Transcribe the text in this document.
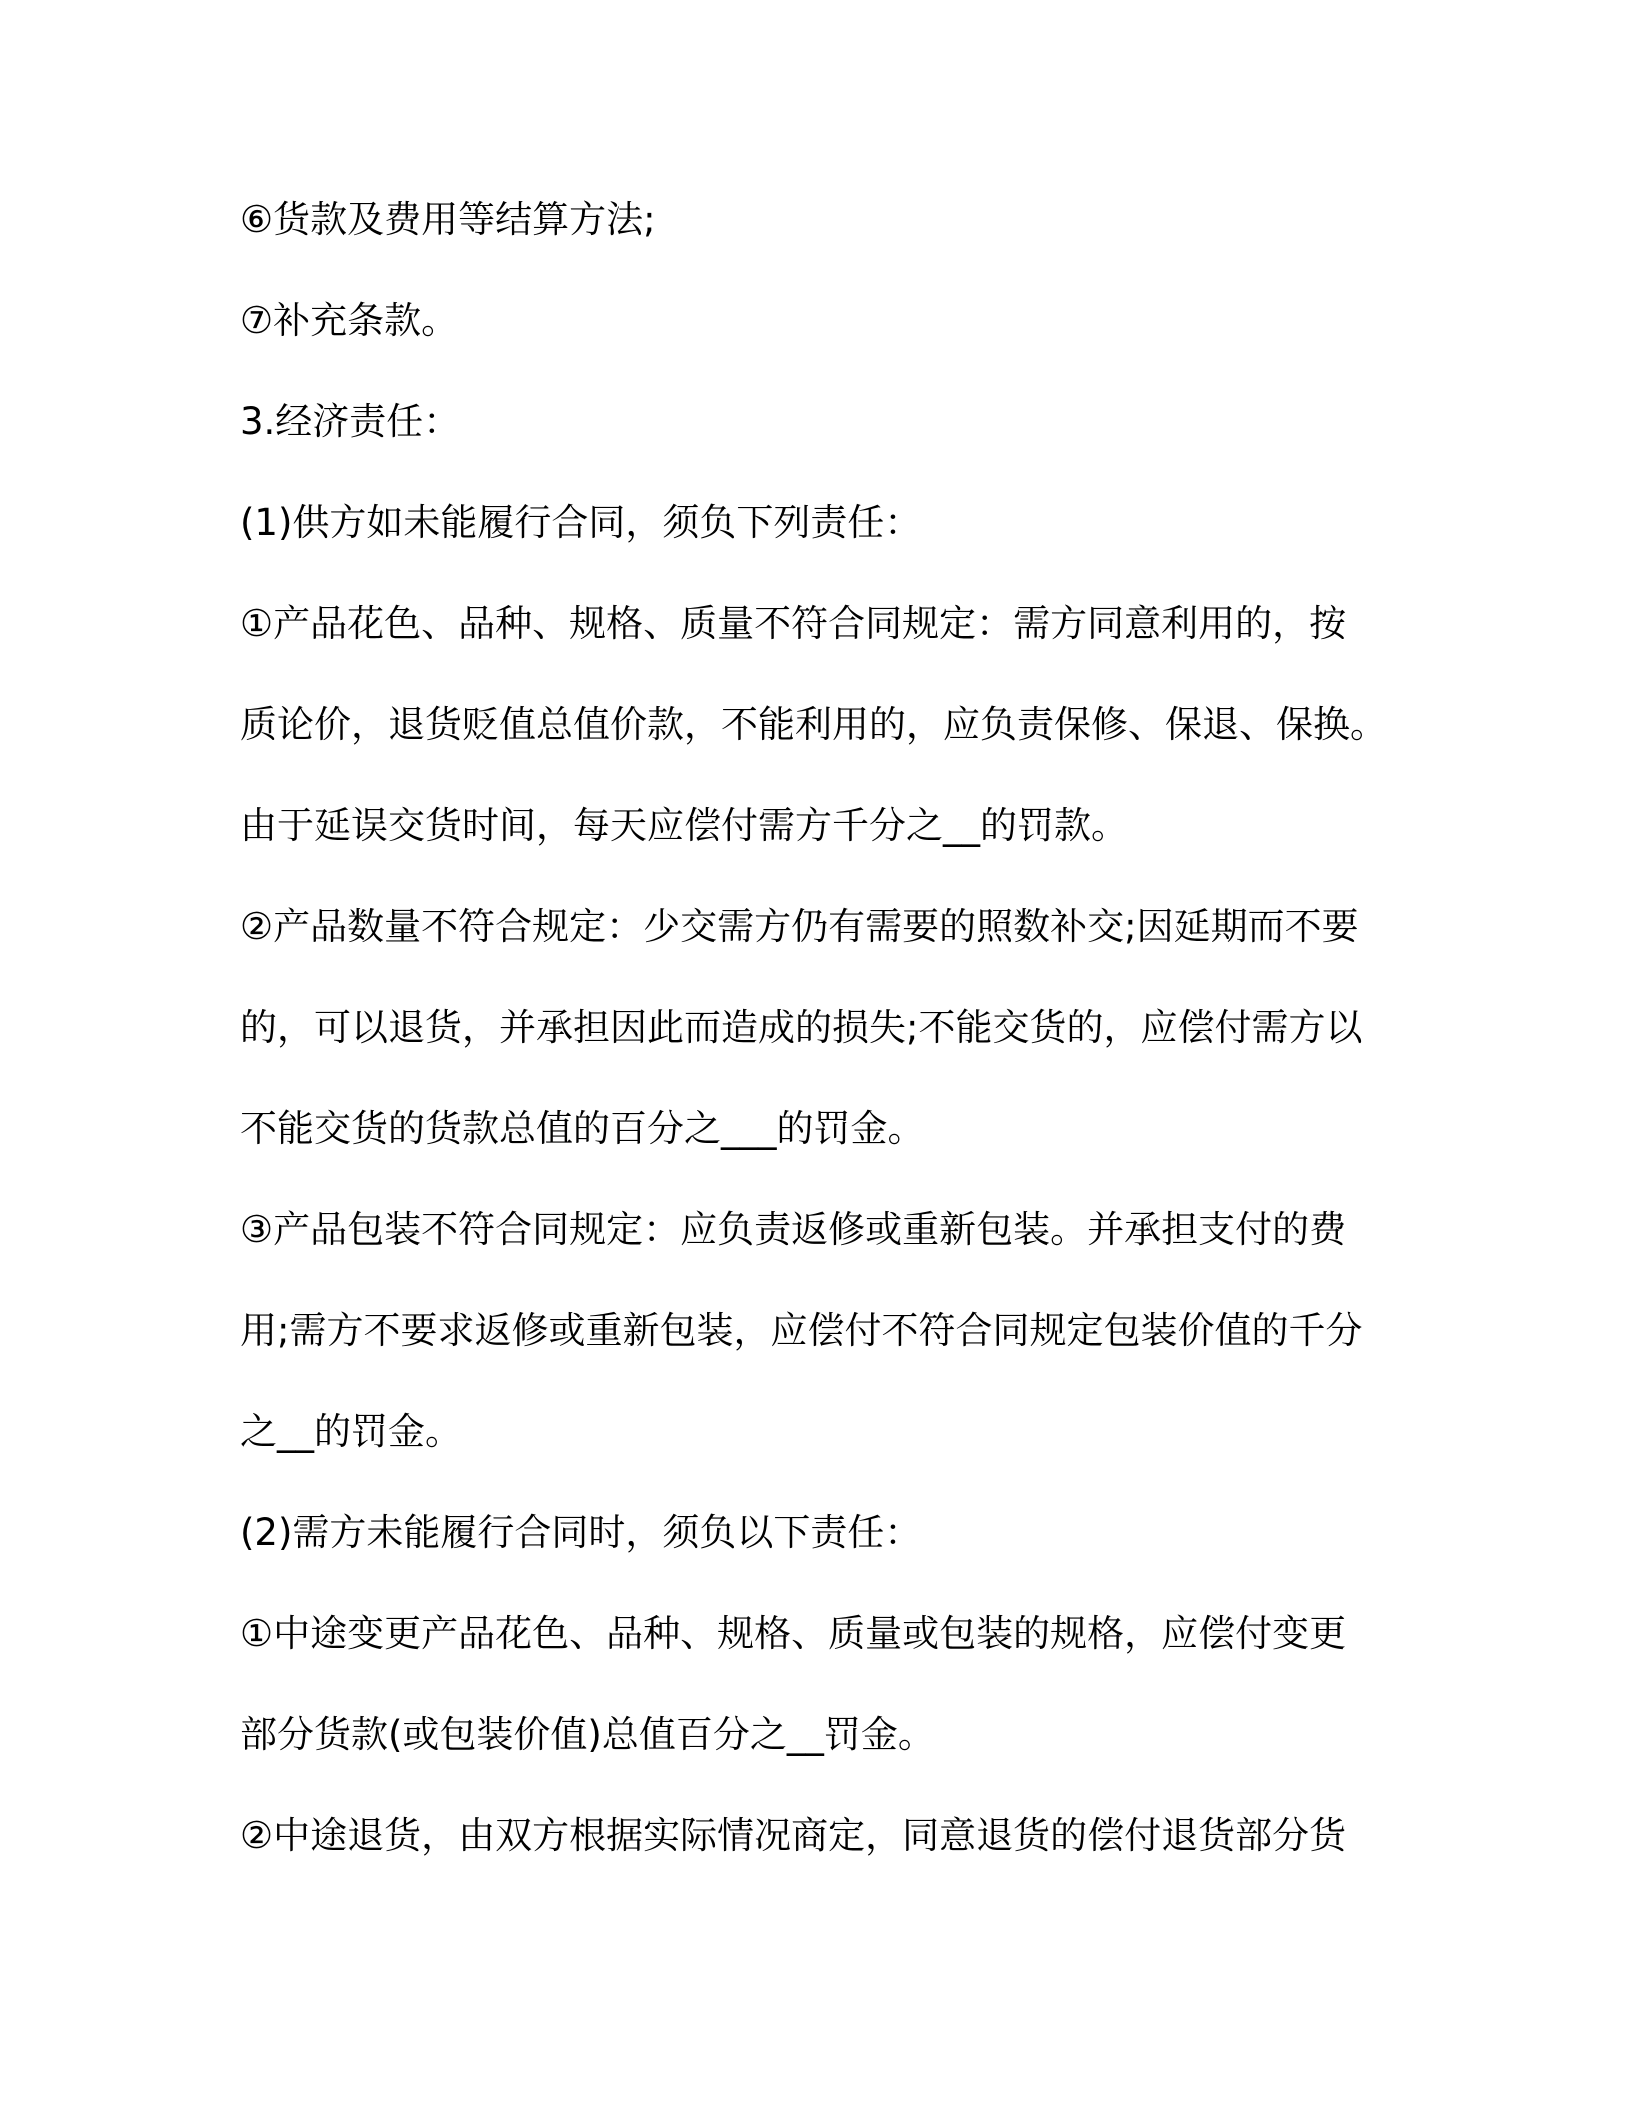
⑥货款及费用等结算方法;
⑦补充条款。
3.经济责任：
(1)供方如未能履行合同，须负下列责任：
①产品花色、品种、规格、质量不符合同规定：需方同意利用的，按
质论价，退货贬值总值价款，不能利用的，应负责保修、保退、保换。
由于延误交货时间，每天应偿付需方千分之__的罚款。
②产品数量不符合规定：少交需方仍有需要的照数补交;因延期而不要
的，可以退货，并承担因此而造成的损失;不能交货的，应偿付需方以
不能交货的货款总值的百分之___的罚金。
③产品包装不符合同规定：应负责返修或重新包装。并承担支付的费
用;需方不要求返修或重新包装，应偿付不符合同规定包装价值的千分
之__的罚金。
(2)需方未能履行合同时，须负以下责任：
①中途变更产品花色、品种、规格、质量或包装的规格，应偿付变更
部分货款(或包装价值)总值百分之__罚金。
②中途退货，由双方根据实际情况商定，同意退货的偿付退货部分货
